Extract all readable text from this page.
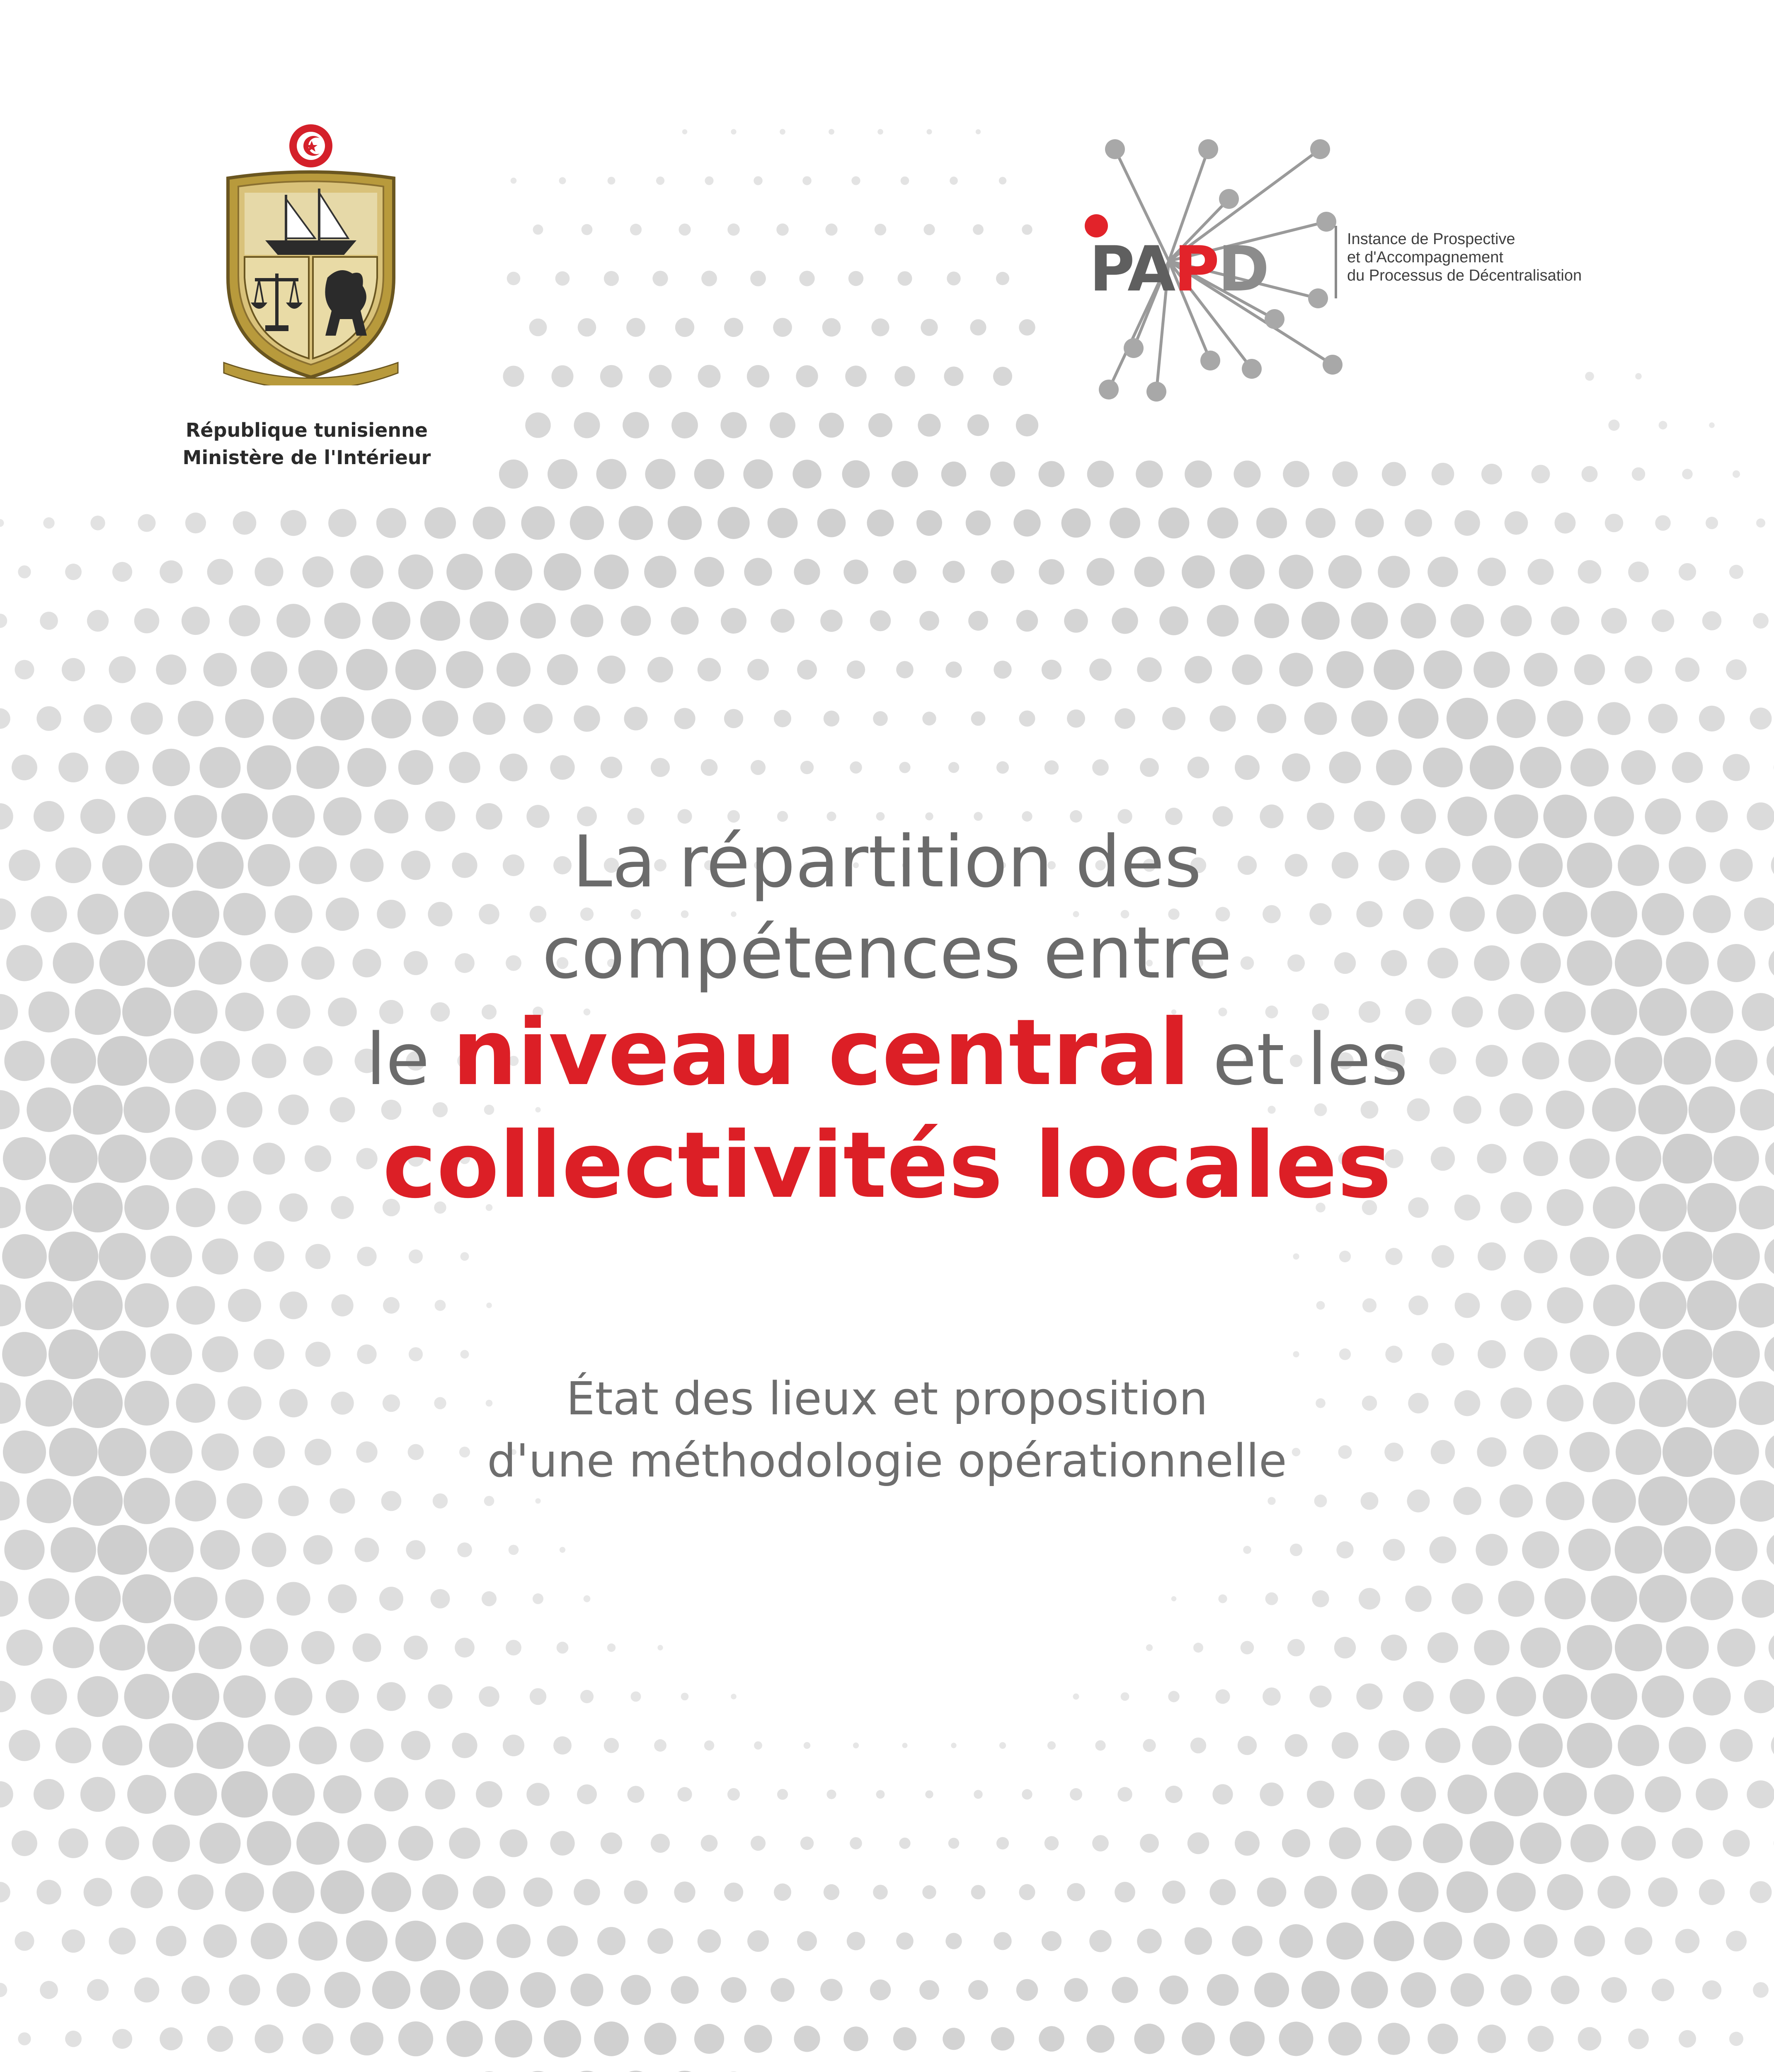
République tunisienne
Ministère de l'Intérieur
PAPD	Instance de Prospective
et d'Accompagnement
du Processus de Décentralisation
La répartition des
compétences entre
le niveau central et les
collectivités locales
État des lieux et proposition
d'une méthodologie opérationnelle
